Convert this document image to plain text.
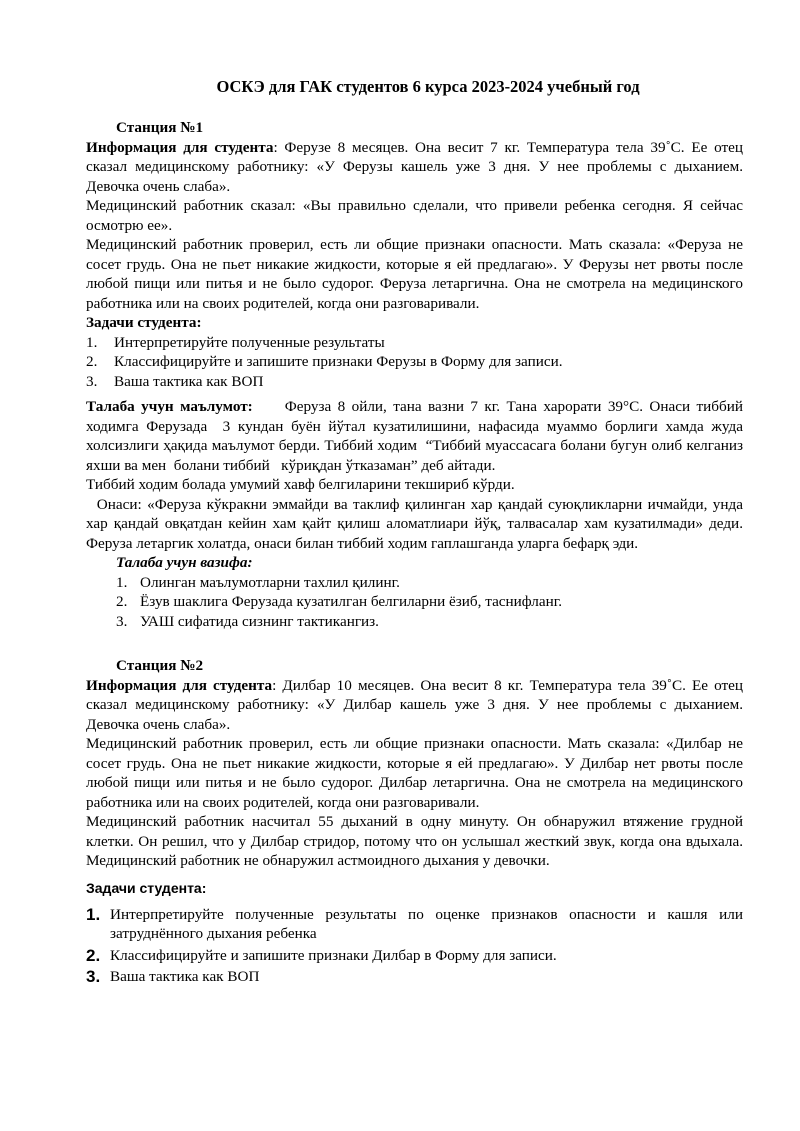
ОСКЭ для ГАК студентов 6 курса 2023-2024 учебный год

Станция №1

Информация для студента: Ферузе 8 месяцев. Она весит 7 кг. Температура тела 39˚С. Ее отец сказал медицинскому работнику: «У Ферузы кашель уже 3 дня. У нее проблемы с дыханием. Девочка очень слаба».

Медицинский работник сказал: «Вы правильно сделали, что привели ребенка сегодня. Я сейчас осмотрю ее».

Медицинский работник проверил, есть ли общие признаки опасности. Мать сказала: «Феруза не сосет грудь. Она не пьет никакие жидкости, которые я ей предлагаю». У Ферузы нет рвоты после любой пищи или питья и не было судорог. Феруза летаргична. Она не смотрела на медицинского работника или на своих родителей, когда они разговаривали.

Задачи студента:

1.	Интерпретируйте полученные результаты
2.	Классифицируйте и запишите признаки Ферузы в Форму для записи.
3.	Ваша тактика как ВОП

Талаба учун маълумот:     Феруза 8 ойли, тана вазни 7 кг. Тана харорати 39°С. Онаси тиббий ходимга Ферузада  3 кундан буён йўтал кузатилишини, нафасида муаммо борлиги хамда жуда холсизлиги ҳақида маълумот берди. Тиббий ходим  “Тиббий муассасага болани бугун олиб келганиз яхши ва мен  болани тиббий   кўриқдан ўтказаман” деб айтади.

Тиббий ходим болада умумий хавф белгиларини текшириб кўрди.

Онаси: «Феруза кўкракни эммайди ва таклиф қилинган хар қандай суюқликларни ичмайди, унда хар қандай овқатдан кейин хам қайт қилиш аломатлиари йўқ, талвасалар хам кузатилмади» деди.  Феруза летаргик холатда, онаси билан тиббий ходим гаплашганда уларга бефарқ эди.

Талаба учун вазифа:

1. Олинган маълумотларни тахлил қилинг.
2. Ёзув шаклига Ферузада кузатилган белгиларни ёзиб, таснифланг.
3. УАШ сифатида сизнинг тактикангиз.

Станция №2

Информация для студента: Дилбар 10 месяцев. Она весит 8 кг. Температура тела 39˚С. Ее отец сказал медицинскому работнику: «У Дилбар кашель уже 3 дня. У нее проблемы с дыханием. Девочка очень слаба».

Медицинский работник проверил, есть ли общие признаки опасности. Мать сказала: «Дилбар не сосет грудь. Она не пьет никакие жидкости, которые я ей предлагаю». У Дилбар нет рвоты после любой пищи или питья и не было судорог. Дилбар летаргична. Она не смотрела на медицинского работника или на своих родителей, когда они разговаривали.

Медицинский работник насчитал 55 дыханий в одну минуту. Он обнаружил втяжение грудной клетки. Он решил, что у Дилбар стридор, потому что он услышал жесткий звук, когда она вдыхала. Медицинский работник не обнаружил астмоидного дыхания у девочки.

Задачи студента:

1. Интерпретируйте полученные результаты по оценке признаков опасности и кашля или затруднённого дыхания ребенка
2. Классифицируйте и запишите признаки Дилбар в Форму для записи.
3. Ваша тактика как ВОП
